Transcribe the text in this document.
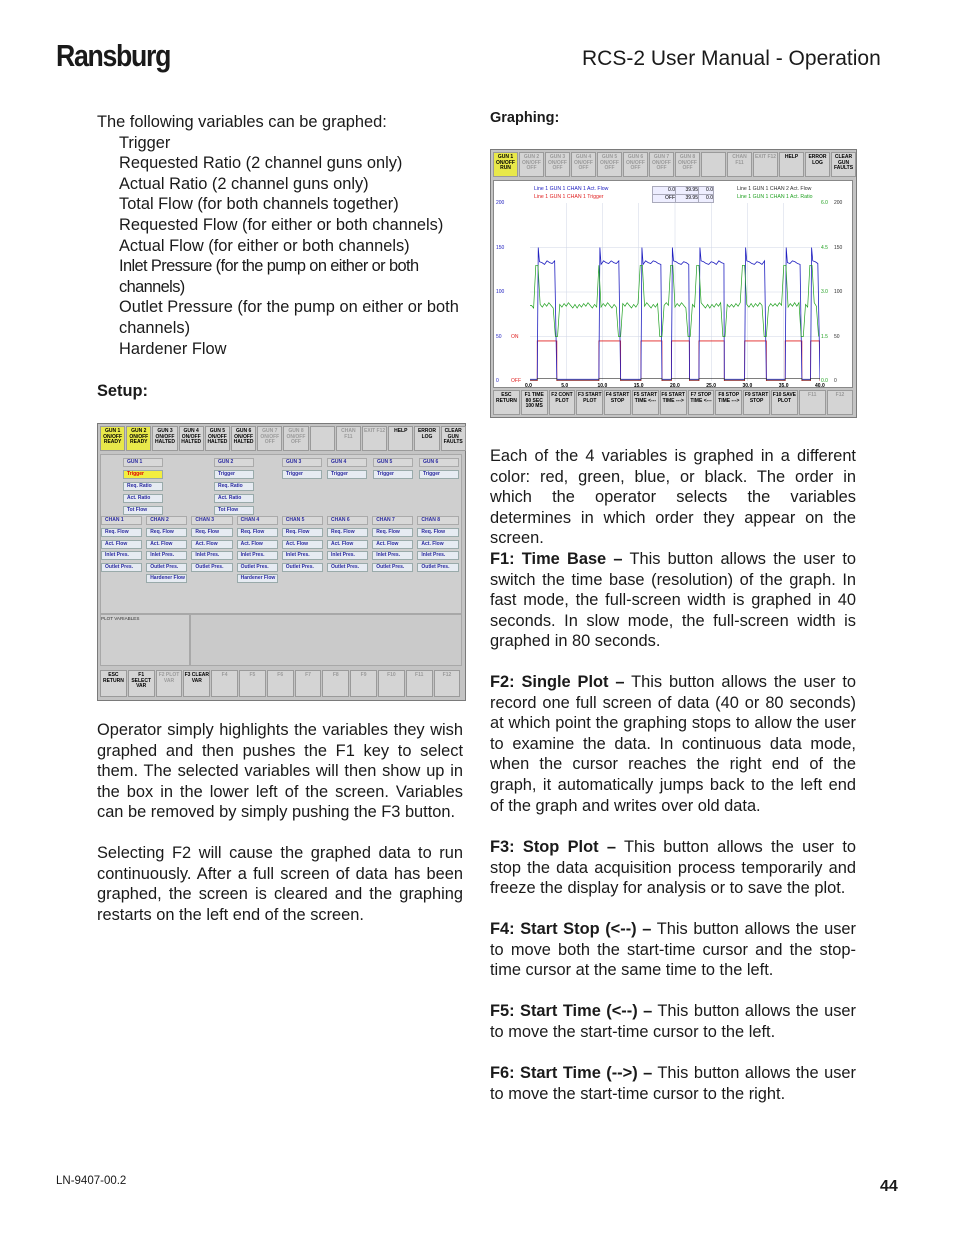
Ransburg	RCS-2 User Manual - Operation
The following variables can be graphed:
Trigger
Requested Ratio (2 channel guns only)
Actual Ratio (2 channel guns only)
Total Flow (for both channels together)
Requested Flow (for either or both channels)
Actual Flow (for either or both channels)
Inlet Pressure (for the pump on either or both channels)
Outlet Pressure (for the pump on either or both channels)
Hardener Flow
Setup:
GUN 1 ON/OFF READY
GUN 2 ON/OFF READY
GUN 3 ON/OFF HALTED
GUN 4 ON/OFF HALTED
GUN 5 ON/OFF HALTED
GUN 6 ON/OFF HALTED
GUN 7 ON/OFF OFF
GUN 8 ON/OFF OFF
CHAN F11
EXIT F12	HELP	ERROR LOG
CLEAR GUN FAULTS
GUN 1	GUN 2	GUN 3	GUN 4	GUN 5	GUN 6
Trigger
Req. Ratio
Act. Ratio
Tot Flow
Trigger
Req. Ratio
Act. Ratio
Tot Flow
Trigger	Trigger	Trigger	Trigger
CHAN 1
Req. Flow
Act. Flow
Inlet Pres.
Outlet Pres.
CHAN 2
Req. Flow
Act. Flow
Inlet Pres.
Outlet Pres.
Hardener Flow
CHAN 3
Req. Flow
Act. Flow
Inlet Pres.
Outlet Pres.
CHAN 4
Req. Flow
Act. Flow
Inlet Pres.
Outlet Pres.
Hardener Flow
CHAN 5
Req. Flow
Act. Flow
Inlet Pres.
Outlet Pres.
CHAN 6
Req. Flow
Act. Flow
Inlet Pres.
Outlet Pres.
CHAN 7
Req. Flow
Act. Flow
Inlet Pres.
Outlet Pres.
CHAN 8
Req. Flow
Act. Flow
Inlet Pres.
Outlet Pres.
PLOT VARIABLES
ESC RETURN
F1 SELECT VAR
F2 PLOT VAR
F3 CLEAR VAR
F4	F5	F6	F7	F8	F9	F10	F11	F12
Operator simply highlights the variables they wish graphed and then pushes the F1 key to select them. The selected variables will then show up in the box in the lower left of the screen. Variables can be removed by simply pushing the F3 button.
Selecting F2 will cause the graphed data to run continuously. After a full screen of data has been graphed, the screen is cleared and the graphing restarts on the left end of the screen.
Graphing:
GUN 1 ON/OFF RUN
GUN 2 ON/OFF OFF
GUN 3 ON/OFF OFF
GUN 4 ON/OFF OFF
GUN 5 ON/OFF OFF
GUN 6 ON/OFF OFF
GUN 7 ON/OFF OFF
GUN 8 ON/OFF OFF
CHAN F11
EXIT F12	HELP	ERROR LOG
CLEAR GUN FAULTS
Line 1 GUN 1 CHAN 1 Act. Flow
Line 1 GUN 1 CHAN 1 Trigger
Line 1 GUN 1 CHAN 2 Act. Flow
Line 1 GUN 1 CHAN 1 Act. Ratio
0.0	39.95	0.0
OFF	39.95	0.0
200
150
100
50
0
ON
OFF
6.0
4.5
3.0
1.5
0.0
200
150
100
50
0
0.0	5.0	10.0	15.0	20.0	25.0	30.0	35.0	40.0
ESC RETURN
F1 TIME 80 SEC 100 MS
F2 CONT PLOT
F3 START PLOT
F4 START STOP
F5 START TIME <---
F6 START TIME --->
F7 STOP TIME <---
F8 STOP TIME --->
F9 START STOP
F10 SAVE PLOT
F11	F12
Each of the 4 variables is graphed in a different color: red, green, blue, or black. The order in which the operator selects the variables determines in which order they appear on the screen.
F1: Time Base – This button allows the user to switch the time base (resolution) of the graph. In fast mode, the full-screen width is graphed in 40 seconds. In slow mode, the full-screen width is graphed in 80 seconds.
F2: Single Plot – This button allows the user to record one full screen of data (40 or 80 seconds) at which point the graphing stops to allow the user to examine the data. In continuous data mode, when the cursor reaches the right end of the graph, it automatically jumps back to the left end of the graph and writes over old data.
F3: Stop Plot – This button allows the user to stop the data acquisition process temporarily and freeze the display for analysis or to save the plot.
F4: Start Stop (<--) – This button allows the user to move both the start-time cursor and the stop-time cursor at the same time to the left.
F5: Start Time (<--) – This button allows the user to move the start-time cursor to the left.
F6: Start Time (-->) – This button allows the user to move the start-time cursor to the right.
LN-9407-00.2	44
